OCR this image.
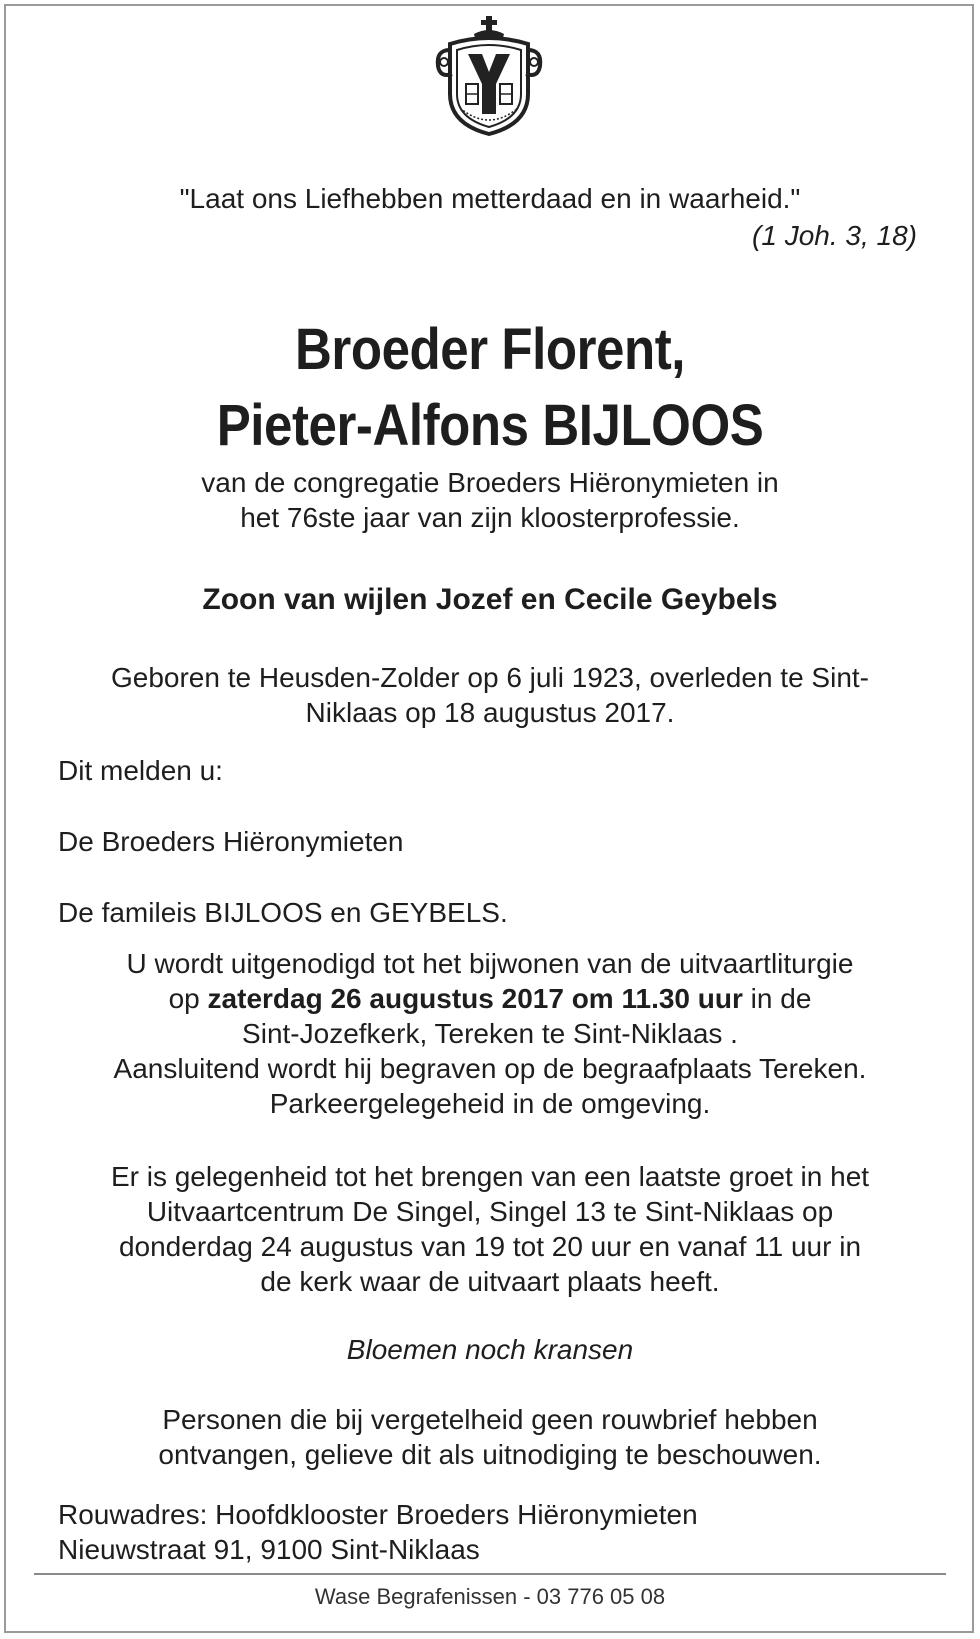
"Laat ons Liefhebben metterdaad en in waarheid."
(1 Joh. 3, 18)
Broeder Florent,
Pieter-Alfons BIJLOOS
van de congregatie Broeders Hiëronymieten in
het 76ste jaar van zijn kloosterprofessie.
Zoon van wijlen Jozef en Cecile Geybels
Geboren te Heusden-Zolder op 6 juli 1923, overleden te Sint-
Niklaas op 18 augustus 2017.
Dit melden u:
De Broeders Hiëronymieten
De famileis BIJLOOS en GEYBELS.
U wordt uitgenodigd tot het bijwonen van de uitvaartliturgie
op zaterdag 26 augustus 2017 om 11.30 uur in de
Sint-Jozefkerk, Tereken te Sint-Niklaas .
Aansluitend wordt hij begraven op de begraafplaats Tereken.
Parkeergelegeheid in de omgeving.
Er is gelegenheid tot het brengen van een laatste groet in het
Uitvaartcentrum De Singel, Singel 13 te Sint-Niklaas op
donderdag 24 augustus van 19 tot 20 uur en vanaf 11 uur in
de kerk waar de uitvaart plaats heeft.
Bloemen noch kransen
Personen die bij vergetelheid geen rouwbrief hebben
ontvangen, gelieve dit als uitnodiging te beschouwen.
Rouwadres: Hoofdklooster Broeders Hiëronymieten
Nieuwstraat 91, 9100 Sint-Niklaas
Wase Begrafenissen - 03 776 05 08
